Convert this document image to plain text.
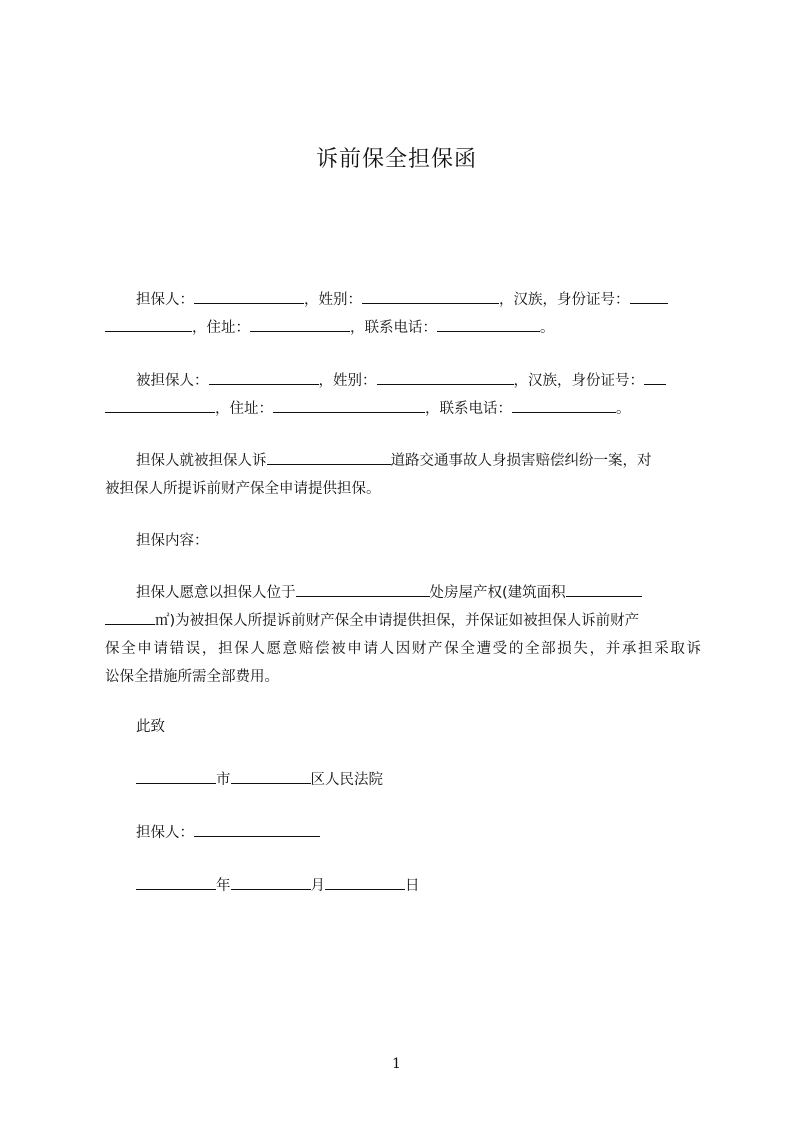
诉前保全担保函
担保人：	，姓别：	，汉族，身份证号：
，住址：	，联系电话：	。
被担保人：	，姓别：	，汉族，身份证号：
，住址：	，联系电话：	。
担保人就被担保人诉	道路交通事故人身损害赔偿纠纷一案，对
被担保人所提诉前财产保全申请提供担保。
担保内容：
担保人愿意以担保人位于	处房屋产权(建筑面积
㎡)为被担保人所提诉前财产保全申请提供担保，并保证如被担保人诉前财产
保全申请错误，担保人愿意赔偿被申请人因财产保全遭受的全部损失，并承担采取诉
讼保全措施所需全部费用。
此致
市	区人民法院
担保人：
年	月	日
1
